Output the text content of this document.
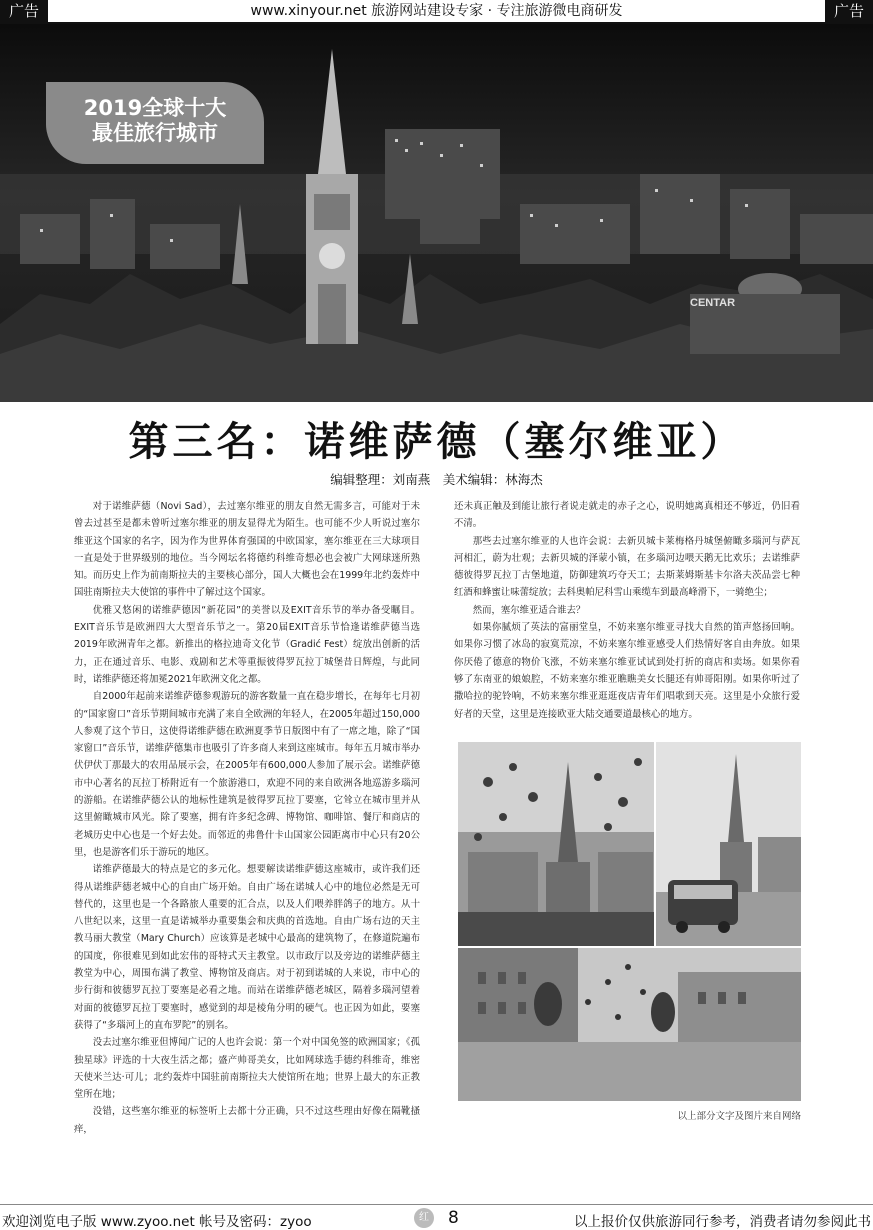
广告	www.xinyour.net 旅游网站建设专家 · 专注旅游微电商研发	广告
CENTAR
2019全球十大
最佳旅行城市
第三名：诺维萨德（塞尔维亚）
编辑整理：刘南燕　美术编辑：林海杰

对于诺维萨德（Novi Sad），去过塞尔维亚的朋友自然无需多言，可能对于未曾去过甚至是都未曾听过塞尔维亚的朋友显得尤为陌生。也可能不少人听说过塞尔维亚这个国家的名字，因为作为世界体育强国的中欧国家，塞尔维亚在三大球项目一直是处于世界级别的地位。当今网坛名将德约科维奇想必也会被广大网球迷所熟知。而历史上作为前南斯拉夫的主要核心部分，国人大概也会在1999年北约轰炸中国驻南斯拉夫大使馆的事件中了解过这个国家。

优雅又悠闲的诺维萨德因“新花园”的美誉以及EXIT音乐节的举办备受瞩目。EXIT音乐节是欧洲四大大型音乐节之一。第20届EXIT音乐节恰逢诺维萨德当选2019年欧洲青年之都。新推出的格拉迪奇文化节（Gradić Fest）绽放出创新的活力，正在通过音乐、电影、戏剧和艺术等重振彼得罗瓦拉丁城堡昔日辉煌，与此同时，诺维萨德还将加冕2021年欧洲文化之都。

自2000年起前来诺维萨德参观游玩的游客数量一直在稳步增长，在每年七月初的“国家窗口”音乐节期间城市充满了来自全欧洲的年轻人，在2005年超过150,000人参观了这个节日，这使得诺维萨德在欧洲夏季节日版图中有了一席之地，除了“国家窗口”音乐节，诺维萨德集市也吸引了许多商人来到这座城市。每年五月城市举办伏伊伏丁那最大的农用品展示会，在2005年有600,000人参加了展示会。诺维萨德市中心著名的瓦拉丁桥附近有一个旅游港口，欢迎不同的来自欧洲各地巡游多瑙河的游船。在诺维萨德公认的地标性建筑是彼得罗瓦拉丁要塞，它耸立在城市里并从这里俯瞰城市风光。除了要塞，拥有许多纪念碑、博物馆、咖啡馆、餐厅和商店的老城历史中心也是一个好去处。而邻近的弗鲁什卡山国家公园距离市中心只有20公里，也是游客们乐于游玩的地区。

诺维萨德最大的特点是它的多元化。想要解读诺维萨德这座城市，或许我们还得从诺维萨德老城中心的自由广场开始。自由广场在诺城人心中的地位必然是无可替代的，这里也是一个各路旅人重要的汇合点，以及人们喂养胖鸽子的地方。从十八世纪以来，这里一直是诺城举办重要集会和庆典的首选地。自由广场右边的天主教马丽大教堂（Mary Church）应该算是老城中心最高的建筑物了，在修道院遍布的国度，你很难见到如此宏伟的哥特式天主教堂。以市政厅以及旁边的诺维萨德主教堂为中心，周围布满了教堂、博物馆及商店。对于初到诺城的人来说，市中心的步行街和彼德罗瓦拉丁要塞是必看之地。而站在诺维萨德老城区，隔着多瑙河望着对面的彼德罗瓦拉丁要塞时，感觉到的却是棱角分明的硬气。也正因为如此，要塞获得了“多瑙河上的直布罗陀”的别名。

没去过塞尔维亚但博闻广记的人也许会说：第一个对中国免签的欧洲国家；《孤独星球》评选的十大夜生活之都；盛产帅哥美女，比如网球选手德约科维奇，维密天使米兰达·可儿；北约轰炸中国驻前南斯拉夫大使馆所在地；世界上最大的东正教堂所在地；

没错，这些塞尔维亚的标签听上去都十分正确，只不过这些理由好像在隔靴搔痒，

还未真正触及到能让旅行者说走就走的赤子之心，说明她离真相还不够近，仍旧看不清。

那些去过塞尔维亚的人也许会说：去新贝城卡莱梅格丹城堡俯瞰多瑙河与萨瓦河相汇，蔚为壮观；去新贝城的泽蒙小镇，在多瑙河边喂天鹅无比欢乐；去诺维萨德彼得罗瓦拉丁古堡地道，防御建筑巧夺天工；去斯莱姆斯基卡尔洛夫茨品尝七种红酒和蜂蜜让味蕾绽放；去科奥帕尼科雪山乘缆车到最高峰滑下，一骑绝尘；

然而，塞尔维亚适合谁去？

如果你腻烦了英法的富丽堂皇，不妨来塞尔维亚寻找大自然的笛声悠扬回响。如果你习惯了冰岛的寂寞荒凉，不妨来塞尔维亚感受人们热情好客自由奔放。如果你厌倦了德意的物价飞涨，不妨来塞尔维亚试试到处打折的商店和卖场。如果你看够了东南亚的娘娘腔，不妨来塞尔维亚瞧瞧美女长腿还有帅哥阳刚。如果你听过了撒哈拉的驼铃响，不妨来塞尔维亚逛逛夜店青年们唱歌到天亮。这里是小众旅行爱好者的天堂，这里是连接欧亚大陆交通要道最核心的地方。

以上部分文字及图片来自网络
欢迎浏览电子版 www.zyoo.net 帐号及密码：zyoo	红 8	以上报价仅供旅游同行参考，消费者请勿参阅此书
